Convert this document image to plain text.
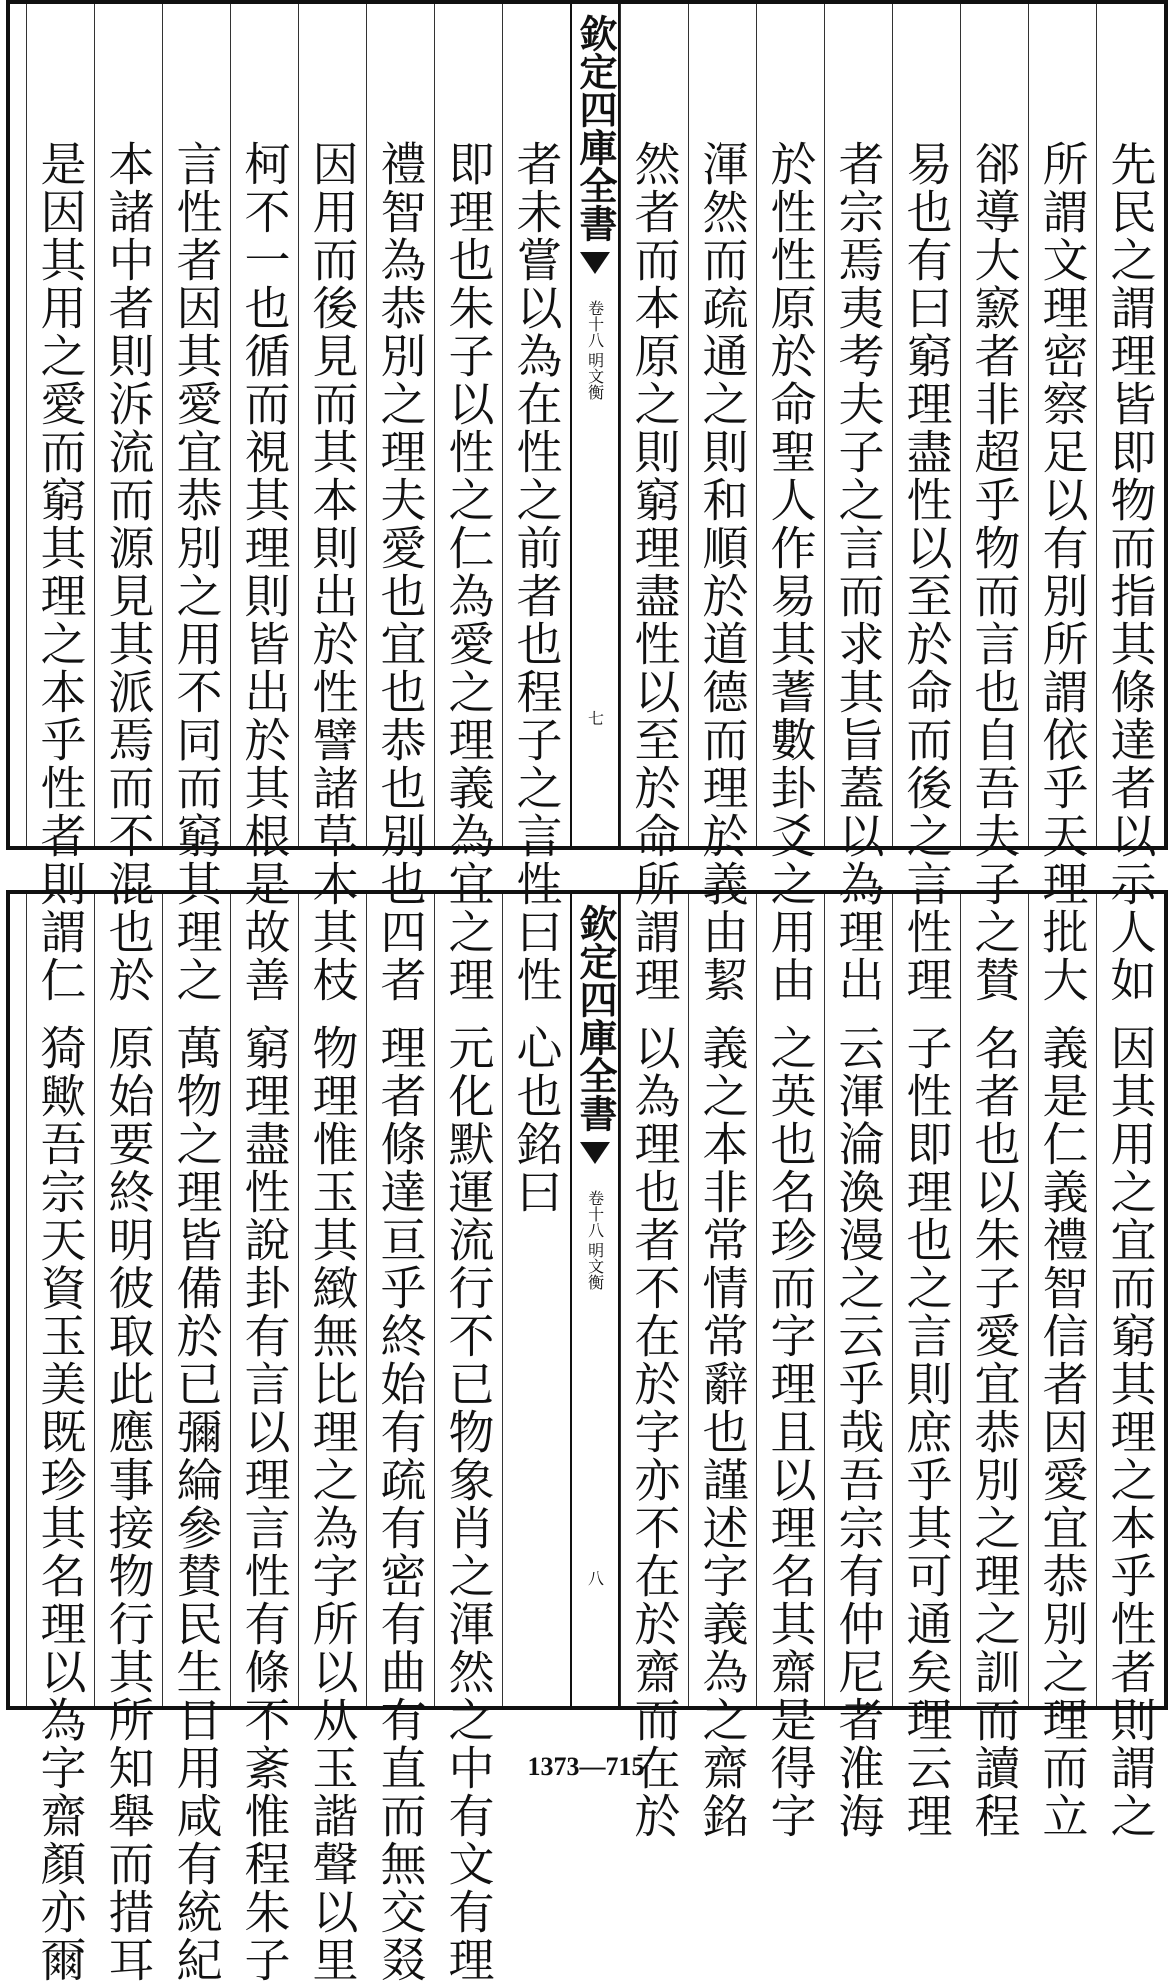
先民之謂理皆即物而指其條達者以示人如
所謂文理密察足以有別所謂依乎天理批大
郤導大窾者非超乎物而言也自吾夫子之賛
易也有曰窮理盡性以至於命而後之言性理
者宗焉夷考夫子之言而求其旨蓋以為理出
於性性原於命聖人作易其蓍數卦爻之用由
渾然而疏通之則和順於道德而理於義由絜
然者而本原之則窮理盡性以至於命所謂理
欽定四庫全書
明文衡
卷十八
七
者未嘗以為在性之前者也程子之言性曰性
即理也朱子以性之仁為愛之理義為宜之理
禮智為恭別之理夫愛也宜也恭也別也四者
因用而後見而其本則出於性譬諸草木其枝
柯不一也循而視其理則皆出於其根是故善
言性者因其愛宜恭別之用不同而窮其理之
本諸中者則泝流而源見其派焉而不混也於
是因其用之愛而窮其理之本乎性者則謂仁
因其用之宜而窮其理之本乎性者則謂之
義是仁義禮智信者因愛宜恭別之理而立
名者也以朱子愛宜恭別之理之訓而讀程
子性即理也之言則庶乎其可通矣理云理
云渾淪渙漫之云乎哉吾宗有仲尼者淮海
之英也名珍而字理且以理名其齋是得字
義之本非常情常辭也謹述字義為之齋銘
以為理也者不在於字亦不在於齋而在於
欽定四庫全書
明文衡
卷十八
八
心也銘曰
元化默運流行不已物象肖之渾然之中有文有理
理者條達亘乎終始有疏有密有曲有直而無交叕
物理惟玉其緻無比理之為字所以从玉諧聲以里
窮理盡性說卦有言以理言性有條不紊惟程朱子
萬物之理皆備於已彌綸參賛民生日用咸有統紀
原始要終明彼取此應事接物行其所知舉而措耳
猗歟吾宗天資玉美既珍其名理以為字齋顏亦爾	1373—715
